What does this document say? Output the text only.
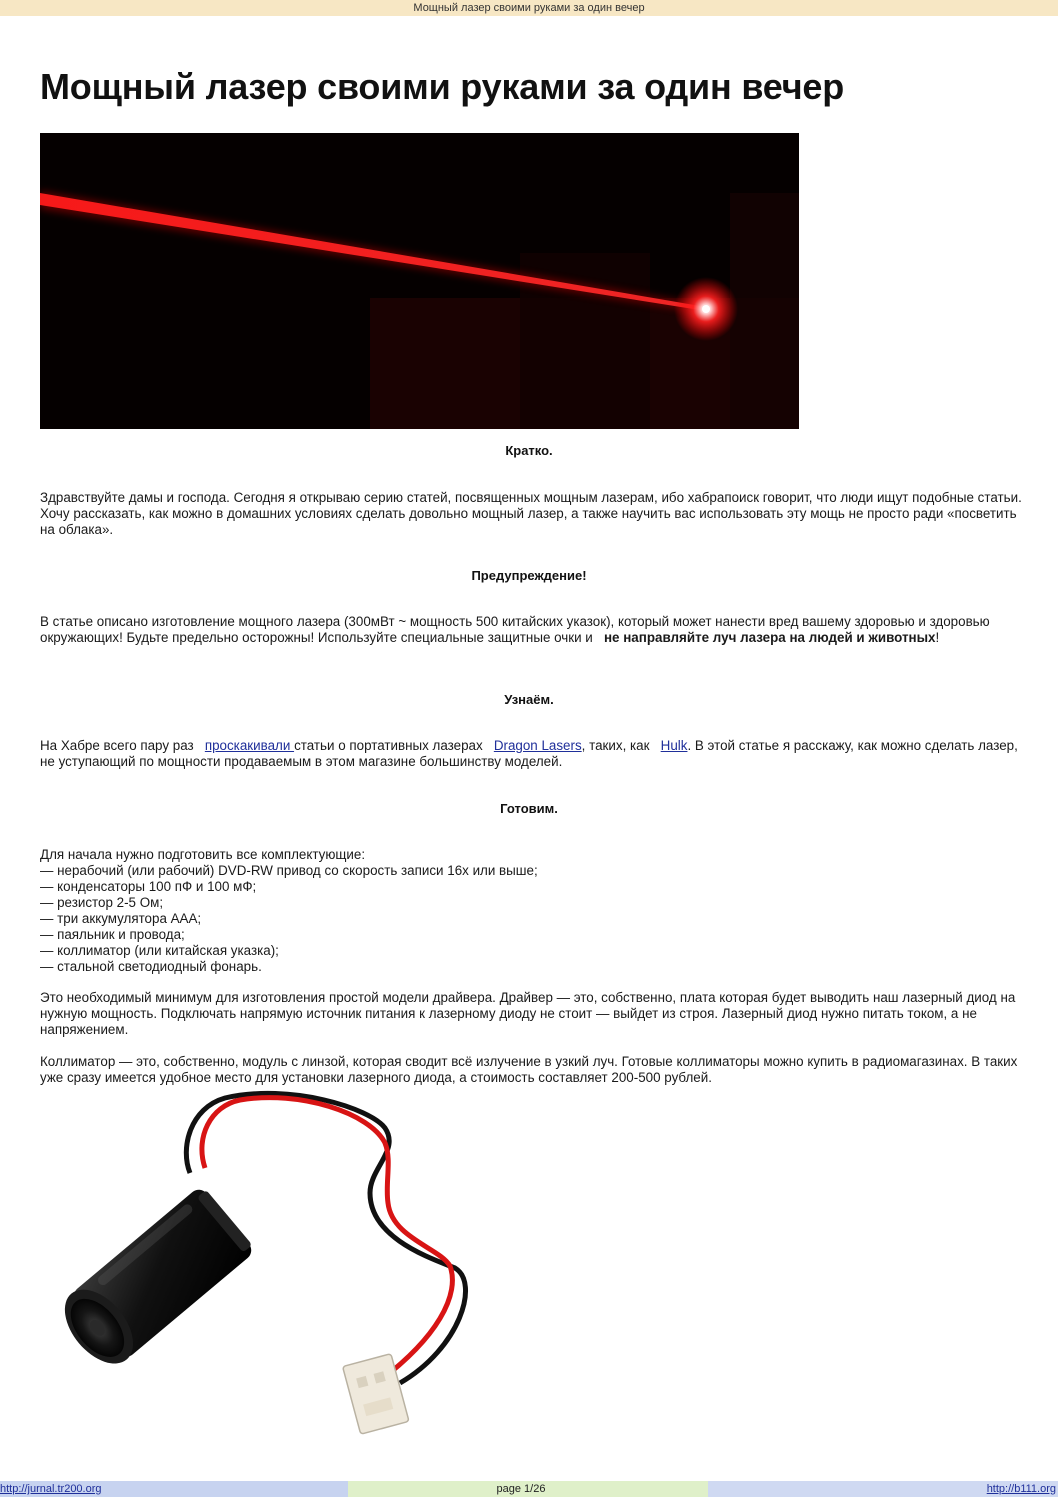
Мощный лазер своими руками за один вечер
Мощный лазер своими руками за один вечер
Кратко.

Здравствуйте дамы и господа. Сегодня я открываю серию статей, посвященных мощным лазерам, ибо хабрапоиск говорит, что люди ищут подобные статьи. Хочу рассказать, как можно в домашних условиях сделать довольно мощный лазер, а также научить вас использовать эту мощь не просто ради «посветить на облака».

Предупреждение!

В статье описано изготовление мощного лазера (300мВт ~ мощность 500 китайских указок), который может нанести вред вашему здоровью и здоровью окружающих! Будьте предельно осторожны! Используйте специальные защитные очки и не направляйте луч лазера на людей и животных!

Узнаём.

На Хабре всего пару раз проскакивали статьи о портативных лазерах Dragon Lasers, таких, как Hulk. В этой статье я расскажу, как можно сделать лазер, не уступающий по мощности продаваемым в этом магазине большинству моделей.

Готовим.

Для начала нужно подготовить все комплектующие:

— нерабочий (или рабочий) DVD-RW привод со скорость записи 16x или выше;
— конденсаторы 100 пФ и 100 мФ;
— резистор 2-5 Ом;
— три аккумулятора AAA;
— паяльник и провода;
— коллиматор (или китайская указка);
— стальной светодиодный фонарь.

Это необходимый минимум для изготовления простой модели драйвера. Драйвер — это, собственно, плата которая будет выводить наш лазерный диод на нужную мощность. Подключать напрямую источник питания к лазерному диоду не стоит — выйдет из строя. Лазерный диод нужно питать током, а не напряжением.

Коллиматор — это, собственно, модуль с линзой, которая сводит всё излучение в узкий луч. Готовые коллиматоры можно купить в радиомагазинах. В таких уже сразу имеется удобное место для установки лазерного диода, а стоимость составляет 200-500 рублей.

http://jurnal.tr200.org	page 1/26	http://b111.org
